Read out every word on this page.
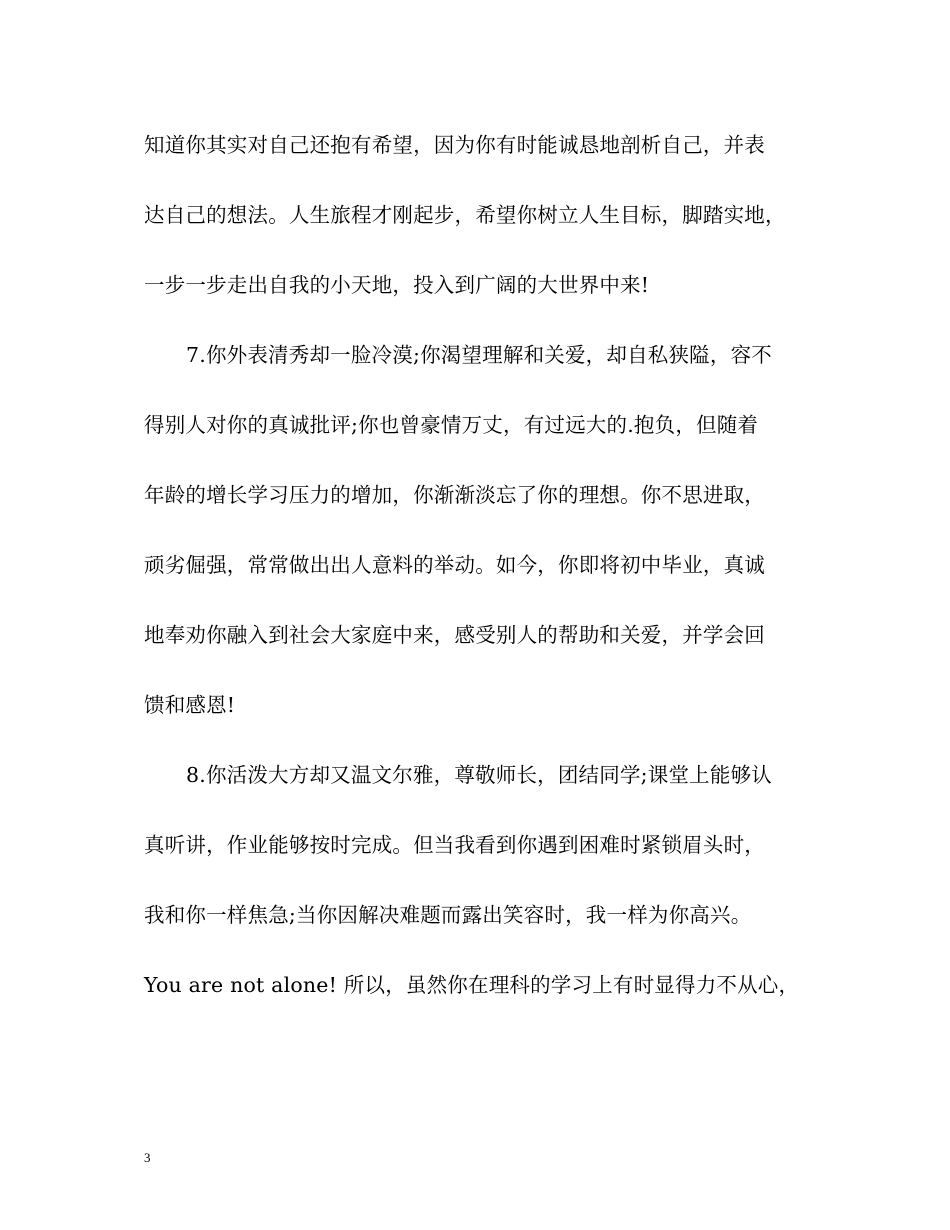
知道你其实对自己还抱有希望，因为你有时能诚恳地剖析自己，并表
达自己的想法。人生旅程才刚起步，希望你树立人生目标，脚踏实地，
一步一步走出自我的小天地，投入到广阔的大世界中来!
7.你外表清秀却一脸冷漠;你渴望理解和关爱，却自私狭隘，容不
得别人对你的真诚批评;你也曾豪情万丈，有过远大的.抱负，但随着
年龄的增长学习压力的增加，你渐渐淡忘了你的理想。你不思进取，
顽劣倔强，常常做出出人意料的举动。如今，你即将初中毕业，真诚
地奉劝你融入到社会大家庭中来，感受别人的帮助和关爱，并学会回
馈和感恩!
8.你活泼大方却又温文尔雅，尊敬师长，团结同学;课堂上能够认
真听讲，作业能够按时完成。但当我看到你遇到困难时紧锁眉头时，
我和你一样焦急;当你因解决难题而露出笑容时，我一样为你高兴。
You are not alone! 所以，虽然你在理科的学习上有时显得力不从心，
3
